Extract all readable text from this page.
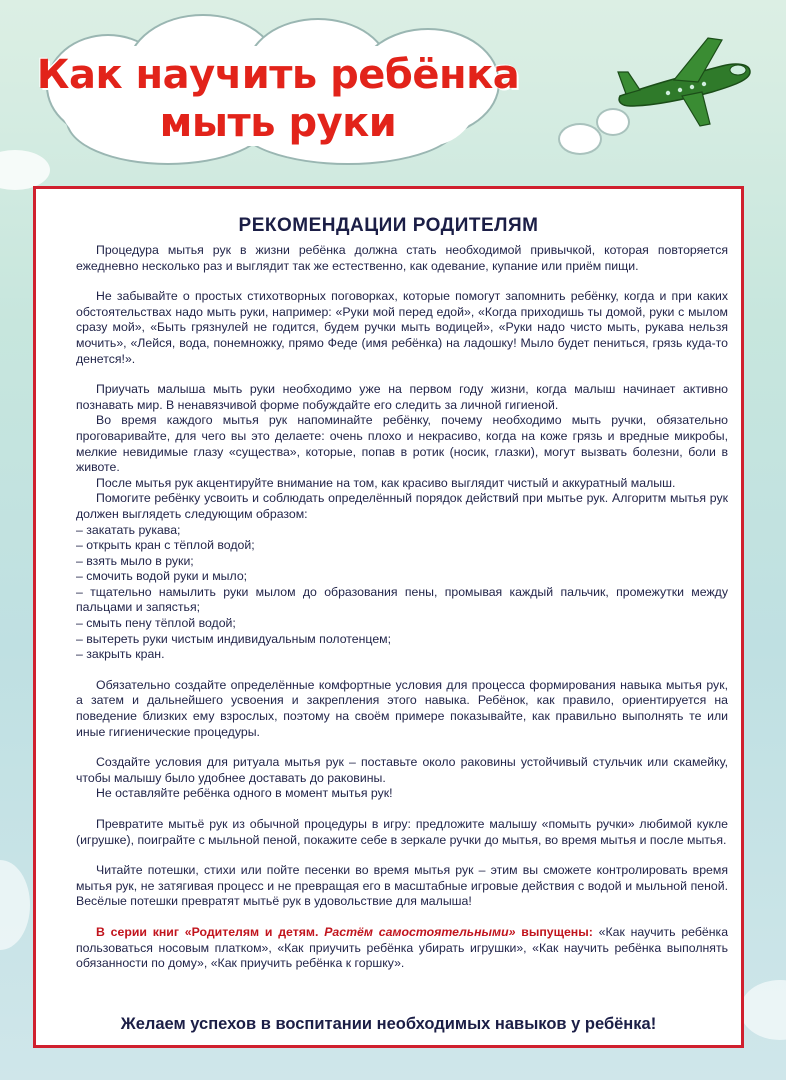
Как научить ребёнка
мыть руки
РЕКОМЕНДАЦИИ РОДИТЕЛЯМ

Процедура мытья рук в жизни ребёнка должна стать необходимой привычкой, которая повторяется ежедневно несколько раз и выглядит так же естественно, как одевание, купание или приём пищи.

Не забывайте о простых стихотворных поговорках, которые помогут запомнить ребёнку, когда и при каких обстоятельствах надо мыть руки, например: «Руки мой перед едой», «Когда приходишь ты домой, руки с мылом сразу мой», «Быть грязнулей не годится, будем ручки мыть водицей», «Руки надо чисто мыть, рукава нельзя мочить», «Лейся, вода, понемножку, прямо Феде (имя ребёнка) на ладошку! Мыло будет пениться, грязь куда-то денется!».

Приучать малыша мыть руки необходимо уже на первом году жизни, когда малыш начинает активно познавать мир. В ненавязчивой форме побуждайте его следить за личной гигиеной.

Во время каждого мытья рук напоминайте ребёнку, почему необходимо мыть ручки, обязательно проговаривайте, для чего вы это делаете: очень плохо и некрасиво, когда на коже грязь и вредные микробы, мелкие невидимые глазу «существа», которые, попав в ротик (носик, глазки), могут вызвать болезни, боли в животе.

После мытья рук акцентируйте внимание на том, как красиво выглядит чистый и аккуратный малыш.

Помогите ребёнку усвоить и соблюдать определённый порядок действий при мытье рук. Алгоритм мытья рук должен выглядеть следующим образом:

– закатать рукава;

– открыть кран с тёплой водой;

– взять мыло в руки;

– смочить водой руки и мыло;

– тщательно намылить руки мылом до образования пены, промывая каждый пальчик, промежутки между пальцами и запястья;

– смыть пену тёплой водой;

– вытереть руки чистым индивидуальным полотенцем;

– закрыть кран.

Обязательно создайте определённые комфортные условия для процесса формирования навыка мытья рук, а затем и дальнейшего усвоения и закрепления этого навыка. Ребёнок, как правило, ориентируется на поведение близких ему взрослых, поэтому на своём примере показывайте, как правильно выполнять те или иные гигиенические процедуры.

Создайте условия для ритуала мытья рук – поставьте около раковины устойчивый стульчик или скамейку, чтобы малышу было удобнее доставать до раковины.

Не оставляйте ребёнка одного в момент мытья рук!

Превратите мытьё рук из обычной процедуры в игру: предложите малышу «помыть ручки» любимой кукле (игрушке), поиграйте с мыльной пеной, покажите себе в зеркале ручки до мытья, во время мытья и после мытья.

Читайте потешки, стихи или пойте песенки во время мытья рук – этим вы сможете контролировать время мытья рук, не затягивая процесс и не превращая его в масштабные игровые действия с водой и мыльной пеной. Весёлые потешки превратят мытьё рук в удовольствие для малыша!

В серии книг «Родителям и детям. Растём самостоятельными» выпущены: «Как научить ребёнка пользоваться носовым платком», «Как приучить ребёнка убирать игрушки», «Как научить ребёнка выполнять обязанности по дому», «Как приучить ребёнка к горшку».

Желаем успехов в воспитании необходимых навыков у ребёнка!
